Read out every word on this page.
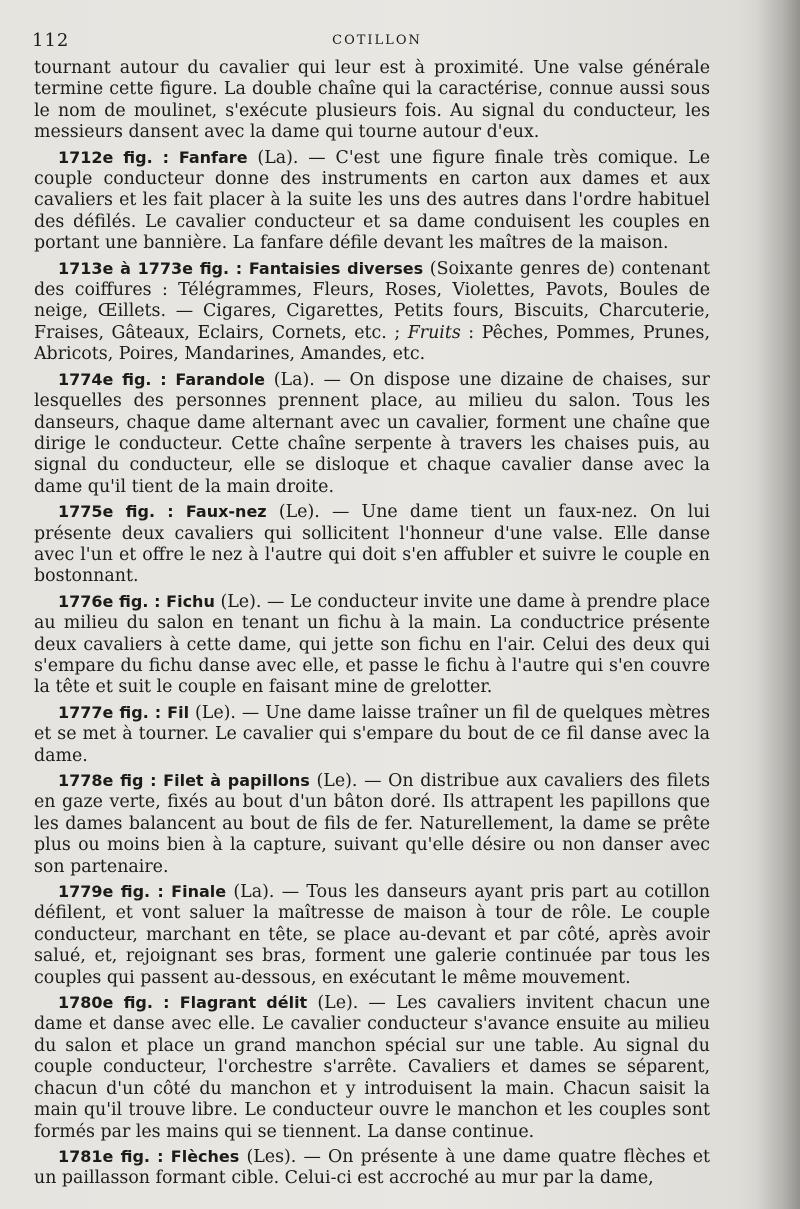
112	COTILLON

tournant autour du cavalier qui leur est à proximité. Une valse générale termine cette figure. La double chaîne qui la caractérise, connue aussi sous le nom de moulinet, s'exécute plusieurs fois. Au signal du conducteur, les messieurs dansent avec la dame qui tourne autour d'eux.

1712e fig. : Fanfare (La). — C'est une figure finale très comique. Le couple conducteur donne des instruments en carton aux dames et aux cavaliers et les fait placer à la suite les uns des autres dans l'ordre habituel des défilés. Le cavalier conducteur et sa dame conduisent les couples en portant une bannière. La fanfare défile devant les maîtres de la maison.

1713e à 1773e fig. : Fantaisies diverses (Soixante genres de) contenant des coiffures : Télégrammes, Fleurs, Roses, Violettes, Pavots, Boules de neige, Œillets. — Cigares, Cigarettes, Petits fours, Biscuits, Charcuterie, Fraises, Gâteaux, Eclairs, Cornets, etc. ; Fruits : Pêches, Pommes, Prunes, Abricots, Poires, Mandarines, Amandes, etc.

1774e fig. : Farandole (La). — On dispose une dizaine de chaises, sur lesquelles des personnes prennent place, au milieu du salon. Tous les danseurs, chaque dame alternant avec un cavalier, forment une chaîne que dirige le conducteur. Cette chaîne serpente à travers les chaises puis, au signal du conducteur, elle se disloque et chaque cavalier danse avec la dame qu'il tient de la main droite.

1775e fig. : Faux-nez (Le). — Une dame tient un faux-nez. On lui présente deux cavaliers qui sollicitent l'honneur d'une valse. Elle danse avec l'un et offre le nez à l'autre qui doit s'en affubler et suivre le couple en bostonnant.

1776e fig. : Fichu (Le). — Le conducteur invite une dame à prendre place au milieu du salon en tenant un fichu à la main. La conductrice présente deux cavaliers à cette dame, qui jette son fichu en l'air. Celui des deux qui s'empare du fichu danse avec elle, et passe le fichu à l'autre qui s'en couvre la tête et suit le couple en faisant mine de grelotter.

1777e fig. : Fil (Le). — Une dame laisse traîner un fil de quelques mètres et se met à tourner. Le cavalier qui s'empare du bout de ce fil danse avec la dame.

1778e fig : Filet à papillons (Le). — On distribue aux cavaliers des filets en gaze verte, fixés au bout d'un bâton doré. Ils attrapent les papillons que les dames balancent au bout de fils de fer. Naturellement, la dame se prête plus ou moins bien à la capture, suivant qu'elle désire ou non danser avec son partenaire.

1779e fig. : Finale (La). — Tous les danseurs ayant pris part au cotillon défilent, et vont saluer la maîtresse de maison à tour de rôle. Le couple conducteur, marchant en tête, se place au-devant et par côté, après avoir salué, et, rejoignant ses bras, forment une galerie continuée par tous les couples qui passent au-dessous, en exécutant le même mouvement.

1780e fig. : Flagrant délit (Le). — Les cavaliers invitent chacun une dame et danse avec elle. Le cavalier conducteur s'avance ensuite au milieu du salon et place un grand manchon spécial sur une table. Au signal du couple conducteur, l'orchestre s'arrête. Cavaliers et dames se séparent, chacun d'un côté du manchon et y introduisent la main. Chacun saisit la main qu'il trouve libre. Le conducteur ouvre le manchon et les couples sont formés par les mains qui se tiennent. La danse continue.

1781e fig. : Flèches (Les). — On présente à une dame quatre flèches et un paillasson formant cible. Celui-ci est accroché au mur par la dame,
